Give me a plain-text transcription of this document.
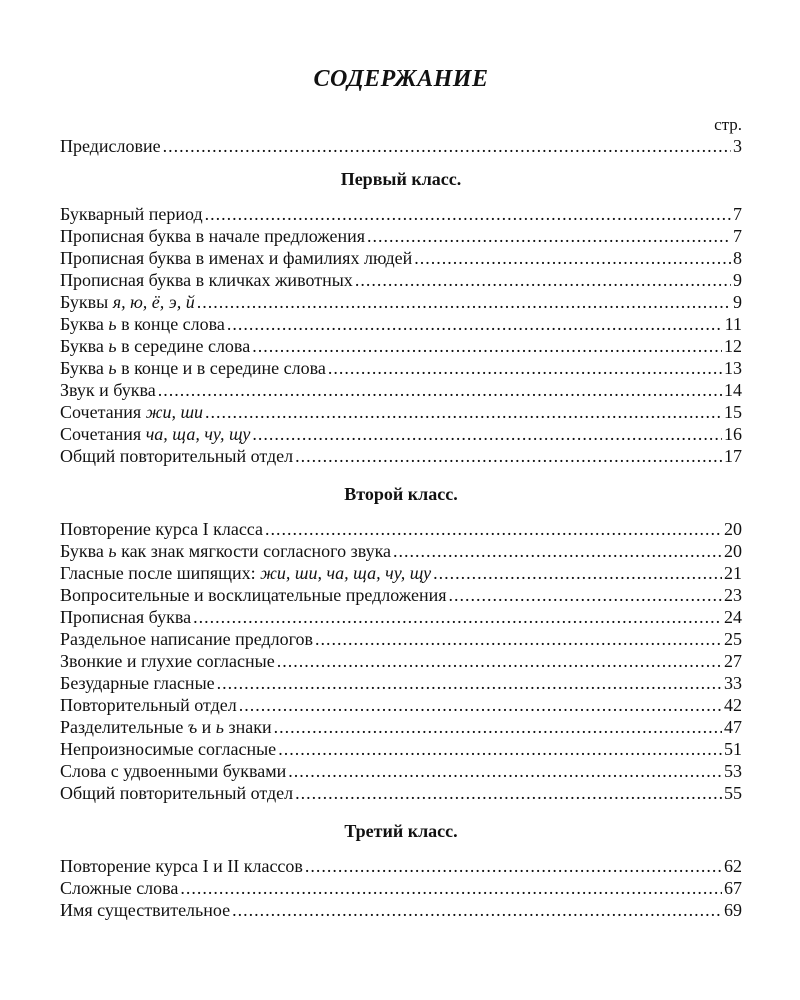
СОДЕРЖАНИЕ
стр.
Предисловие .....	3
Первый класс.
Букварный период .....	7
Прописная буква в начале предложения .....	7
Прописная буква в именах и фамилиях людей .....	8
Прописная буква в кличках животных .....	9
Буквы я, ю, ё, э, й .....	9
Буква ь в конце слова .....	11
Буква ь в середине слова .....	12
Буква ь в конце и в середине слова .....	13
Звук и буква .....	14
Сочетания жи, ши .....	15
Сочетания ча, ща, чу, щу .....	16
Общий повторительный отдел .....	17
Второй класс.
Повторение курса I класса .....	20
Буква ь как знак мягкости согласного звука .....	20
Гласные после шипящих: жи, ши, ча, ща, чу, щу .....	21
Вопросительные и восклицательные предложения .....	23
Прописная буква .....	24
Раздельное написание предлогов .....	25
Звонкие и глухие согласные .....	27
Безударные гласные .....	33
Повторительный отдел .....	42
Разделительные ъ и ь знаки .....	47
Непроизносимые согласные .....	51
Слова с удвоенными буквами .....	53
Общий повторительный отдел .....	55
Третий класс.
Повторение курса I и II классов .....	62
Сложные слова .....	67
Имя существительное .....	69
